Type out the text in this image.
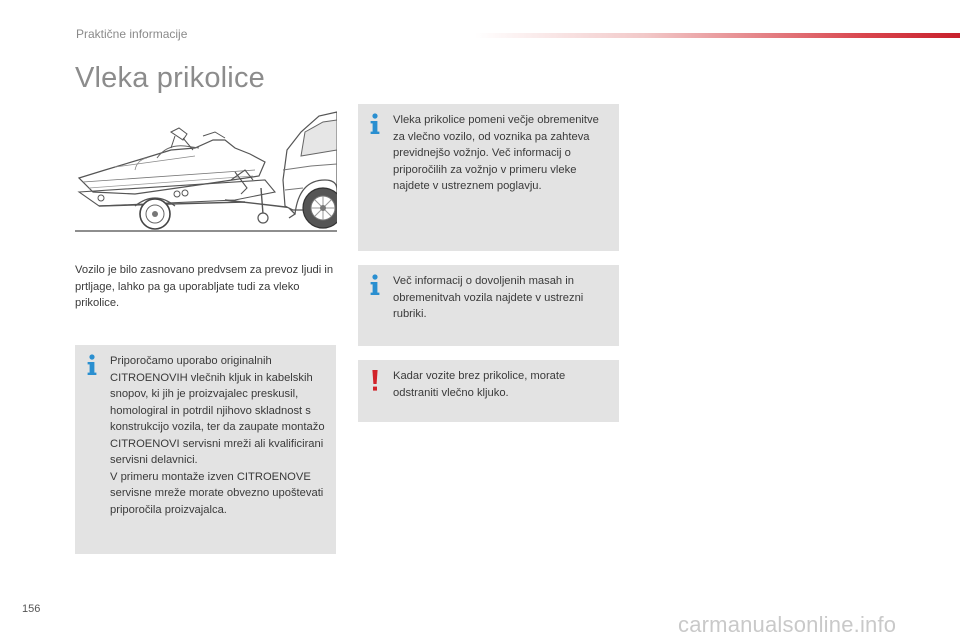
Praktične informacije
Vleka prikolice
Vozilo je bilo zasnovano predvsem za prevoz ljudi in prtljage, lahko pa ga uporabljate tudi za vleko prikolice.

Priporočamo uporabo originalnih CITROENOVIH vlečnih kljuk in kabelskih snopov, ki jih je proizvajalec preskusil, homologiral in potrdil njihovo skladnost s konstrukcijo vozila, ter da zaupate montažo CITROENOVI servisni mreži ali kvalificirani servisni delavnici.

V primeru montaže izven CITROENOVE servisne mreže morate obvezno upoštevati priporočila proizvajalca.

Vleka prikolice pomeni večje obremenitve za vlečno vozilo, od voznika pa zahteva previdnejšo vožnjo. Več informacij o priporočilih za vožnjo v primeru vleke najdete v ustreznem poglavju.
Več informacij o dovoljenih masah in obremenitvah vozila najdete v ustrezni rubriki.
Kadar vozite brez prikolice, morate odstraniti vlečno kljuko.
156
carmanualsonline.info
